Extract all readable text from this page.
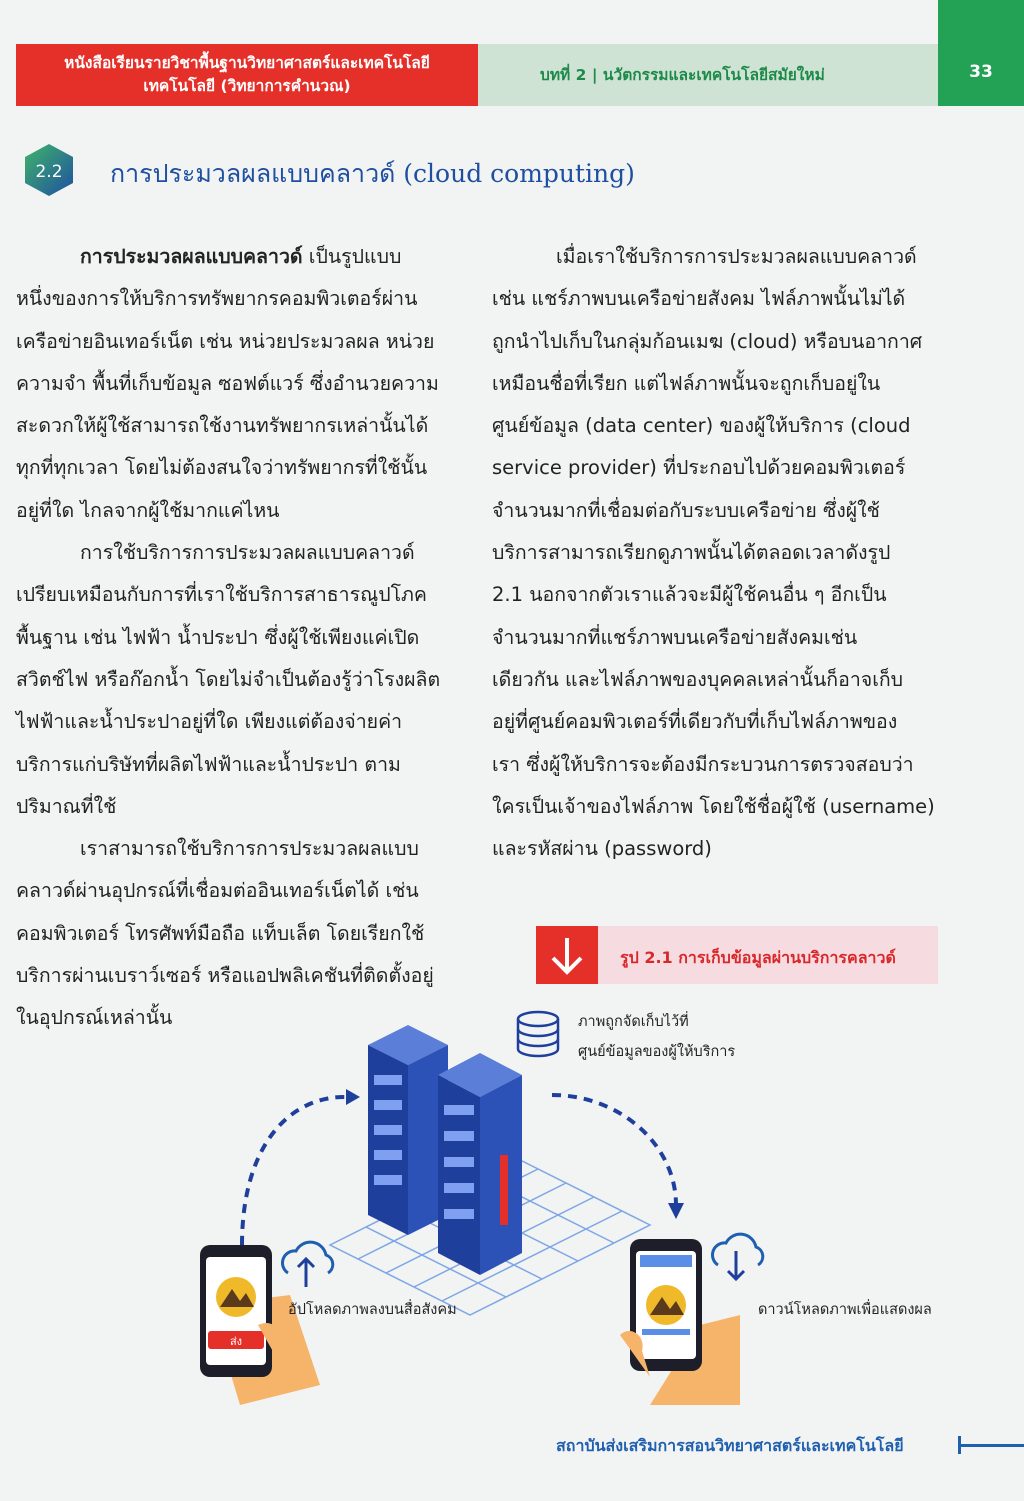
หนังสือเรียนรายวิชาพื้นฐานวิทยาศาสตร์และเทคโนโลยี
เทคโนโลยี (วิทยาการคำนวณ)
บทที่ 2 | นวัตกรรมและเทคโนโลยีสมัยใหม่	33
2.2 การประมวลผลแบบคลาวด์ (cloud computing)
การประมวลผลแบบคลาวด์ เป็นรูปแบบ
หนึ่งของการให้บริการทรัพยากรคอมพิวเตอร์ผ่าน
เครือข่ายอินเทอร์เน็ต เช่น หน่วยประมวลผล หน่วย
ความจำ พื้นที่เก็บข้อมูล ซอฟต์แวร์ ซึ่งอำนวยความ
สะดวกให้ผู้ใช้สามารถใช้งานทรัพยากรเหล่านั้นได้
ทุกที่ทุกเวลา โดยไม่ต้องสนใจว่าทรัพยากรที่ใช้นั้น
อยู่ที่ใด ไกลจากผู้ใช้มากแค่ไหน
การใช้บริการการประมวลผลแบบคลาวด์
เปรียบเหมือนกับการที่เราใช้บริการสาธารณูปโภค
พื้นฐาน เช่น ไฟฟ้า น้ำประปา ซึ่งผู้ใช้เพียงแค่เปิด
สวิตช์ไฟ หรือก๊อกน้ำ โดยไม่จำเป็นต้องรู้ว่าโรงผลิต
ไฟฟ้าและน้ำประปาอยู่ที่ใด เพียงแต่ต้องจ่ายค่า
บริการแก่บริษัทที่ผลิตไฟฟ้าและน้ำประปา ตาม
ปริมาณที่ใช้
เราสามารถใช้บริการการประมวลผลแบบ
คลาวด์ผ่านอุปกรณ์ที่เชื่อมต่ออินเทอร์เน็ตได้ เช่น
คอมพิวเตอร์ โทรศัพท์มือถือ แท็บเล็ต โดยเรียกใช้
บริการผ่านเบราว์เซอร์ หรือแอปพลิเคชันที่ติดตั้งอยู่
ในอุปกรณ์เหล่านั้น
เมื่อเราใช้บริการการประมวลผลแบบคลาวด์
เช่น แชร์ภาพบนเครือข่ายสังคม ไฟล์ภาพนั้นไม่ได้
ถูกนำไปเก็บในกลุ่มก้อนเมฆ (cloud) หรือบนอากาศ
เหมือนชื่อที่เรียก แต่ไฟล์ภาพนั้นจะถูกเก็บอยู่ใน
ศูนย์ข้อมูล (data center) ของผู้ให้บริการ (cloud
service provider) ที่ประกอบไปด้วยคอมพิวเตอร์
จำนวนมากที่เชื่อมต่อกับระบบเครือข่าย ซึ่งผู้ใช้
บริการสามารถเรียกดูภาพนั้นได้ตลอดเวลาดังรูป
2.1 นอกจากตัวเราแล้วจะมีผู้ใช้คนอื่น ๆ อีกเป็น
จำนวนมากที่แชร์ภาพบนเครือข่ายสังคมเช่น
เดียวกัน และไฟล์ภาพของบุคคลเหล่านั้นก็อาจเก็บ
อยู่ที่ศูนย์คอมพิวเตอร์ที่เดียวกับที่เก็บไฟล์ภาพของ
เรา ซึ่งผู้ให้บริการจะต้องมีกระบวนการตรวจสอบว่า
ใครเป็นเจ้าของไฟล์ภาพ โดยใช้ชื่อผู้ใช้ (username)
และรหัสผ่าน (password)
รูป 2.1 การเก็บข้อมูลผ่านบริการคลาวด์
ส่ง
ภาพถูกจัดเก็บไว้ที่
ศูนย์ข้อมูลของผู้ให้บริการ
อัปโหลดภาพลงบนสื่อสังคม	ดาวน์โหลดภาพเพื่อแสดงผล
สถาบันส่งเสริมการสอนวิทยาศาสตร์และเทคโนโลยี
